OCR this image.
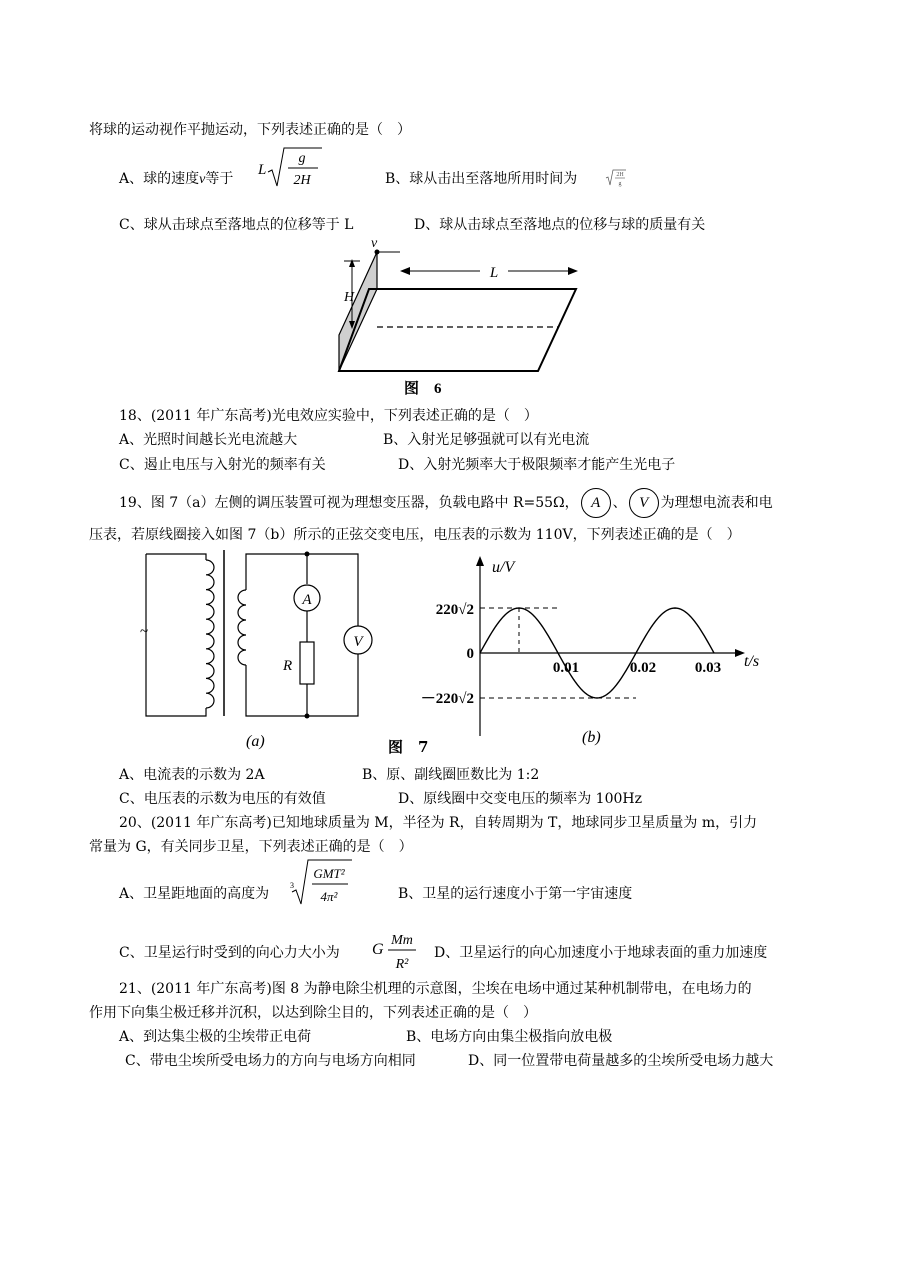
将球的运动视作平抛运动，下列表述正确的是（　）
A、球的速度v等于
L
g
2H	B、球从击出至落地所用时间为	2H
g
C、球从击球点至落地点的位移等于 L	D、球从击球点至落地点的位移与球的质量有关
v
H
L
图　6
18、(2011 年广东高考)光电效应实验中，下列表述正确的是（　）
A、光照时间越长光电流越大	B、入射光足够强就可以有光电流
C、遏止电压与入射光的频率有关	D、入射光频率大于极限频率才能产生光电子
19、图 7（a）左侧的调压装置可视为理想变压器，负载电路中 R=55Ω， A 、 V 为理想电流表和电
压表，若原线圈接入如图 7（b）所示的正弦交变电压，电压表的示数为 110V，下列表述正确的是（　）
~
A
R
V
(a)	图　7
u/V
t/s
0
220√2
－220√2
0.01	0.02	0.03
(b)
A、电流表的示数为 2A	B、原、副线圈匝数比为 1:2
C、电压表的示数为电压的有效值	D、原线圈中交变电压的频率为 100Hz
20、(2011 年广东高考)已知地球质量为 M，半径为 R，自转周期为 T，地球同步卫星质量为 m，引力
常量为 G，有关同步卫星，下列表述正确的是（　）
A、卫星距地面的高度为
3
GMT²
4π²	B、卫星的运行速度小于第一宇宙速度
C、卫星运行时受到的向心力大小为 G
Mm
R²
D、卫星运行的向心加速度小于地球表面的重力加速度
21、(2011 年广东高考)图 8 为静电除尘机理的示意图，尘埃在电场中通过某种机制带电，在电场力的
作用下向集尘极迁移并沉积，以达到除尘目的，下列表述正确的是（　）
A、到达集尘极的尘埃带正电荷	B、电场方向由集尘极指向放电极
C、带电尘埃所受电场力的方向与电场方向相同	D、同一位置带电荷量越多的尘埃所受电场力越大
